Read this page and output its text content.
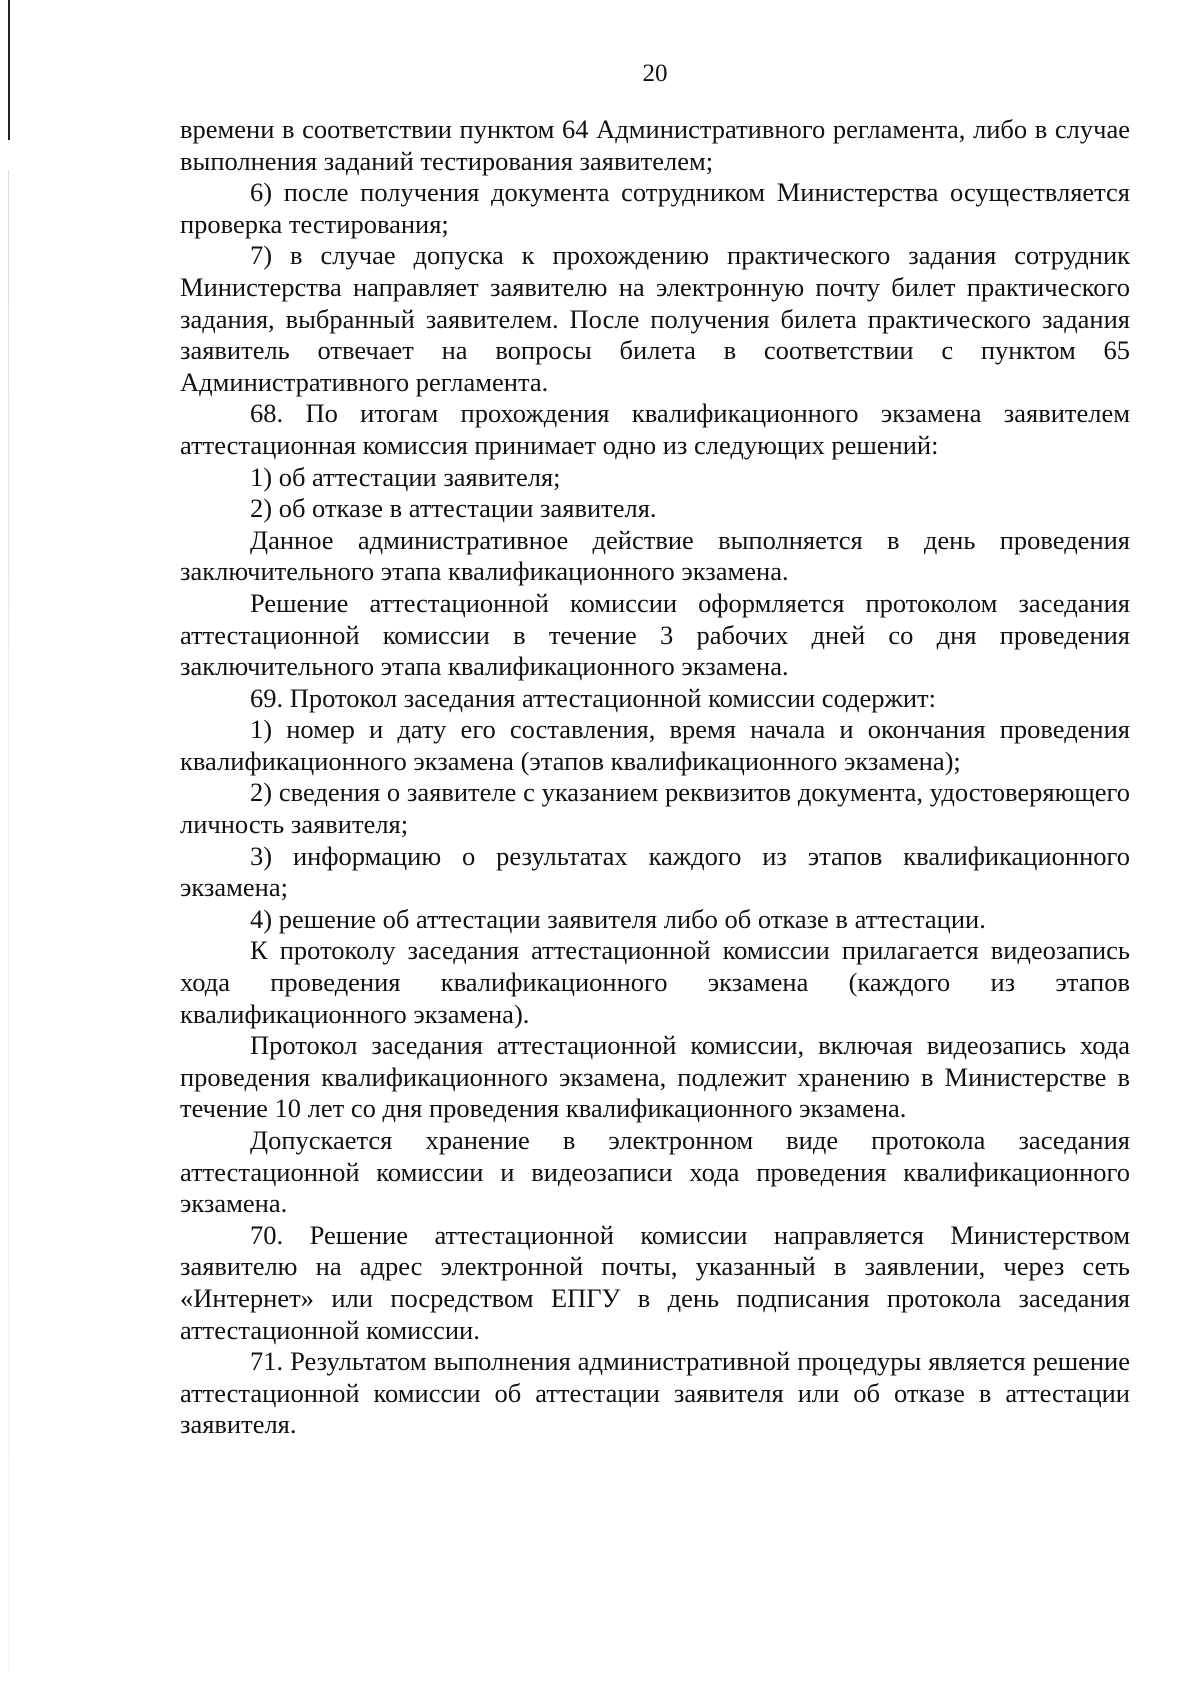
20

времени в соответствии пунктом 64 Административного регламента, либо в случае выполнения заданий тестирования заявителем;

6) после получения документа сотрудником Министерства осуществляется проверка тестирования;

7) в случае допуска к прохождению практического задания сотрудник Министерства направляет заявителю на электронную почту билет практического задания, выбранный заявителем. После получения билета практического задания заявитель отвечает на вопросы билета в соответствии с пунктом 65 Административного регламента.

68. По итогам прохождения квалификационного экзамена заявителем аттестационная комиссия принимает одно из следующих решений:

1) об аттестации заявителя;

2) об отказе в аттестации заявителя.

Данное административное действие выполняется в день проведения заключительного этапа квалификационного экзамена.

Решение аттестационной комиссии оформляется протоколом заседания аттестационной комиссии в течение 3 рабочих дней со дня проведения заключительного этапа квалификационного экзамена.

69. Протокол заседания аттестационной комиссии содержит:

1) номер и дату его составления, время начала и окончания проведения квалификационного экзамена (этапов квалификационного экзамена);

2) сведения о заявителе с указанием реквизитов документа, удостоверяющего личность заявителя;

3) информацию о результатах каждого из этапов квалификационного экзамена;

4) решение об аттестации заявителя либо об отказе в аттестации.

К протоколу заседания аттестационной комиссии прилагается видеозапись хода проведения квалификационного экзамена (каждого из этапов квалификационного экзамена).

Протокол заседания аттестационной комиссии, включая видеозапись хода проведения квалификационного экзамена, подлежит хранению в Министерстве в течение 10 лет со дня проведения квалификационного экзамена.

Допускается хранение в электронном виде протокола заседания аттестационной комиссии и видеозаписи хода проведения квалификационного экзамена.

70. Решение аттестационной комиссии направляется Министерством заявителю на адрес электронной почты, указанный в заявлении, через сеть «Интернет» или посредством ЕПГУ в день подписания протокола заседания аттестационной комиссии.

71. Результатом выполнения административной процедуры является решение аттестационной комиссии об аттестации заявителя или об отказе в аттестации заявителя.
